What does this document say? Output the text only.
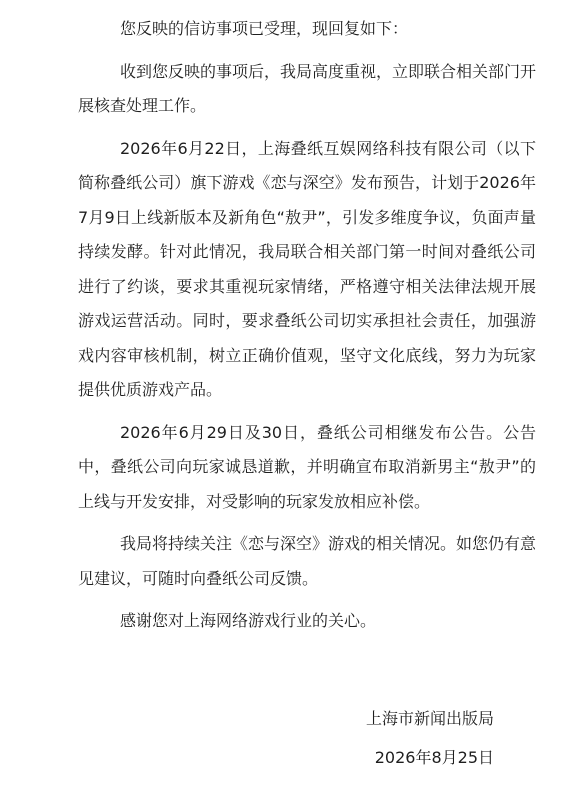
您反映的信访事项已受理，现回复如下：

收到您反映的事项后，我局高度重视，立即联合相关部门开展核查处理工作。

2026年6月22日，上海叠纸互娱网络科技有限公司（以下简称叠纸公司）旗下游戏《恋与深空》发布预告，计划于2026年7月9日上线新版本及新角色“敖尹”，引发多维度争议，负面声量持续发酵。针对此情况，我局联合相关部门第一时间对叠纸公司进行了约谈，要求其重视玩家情绪，严格遵守相关法律法规开展游戏运营活动。同时，要求叠纸公司切实承担社会责任，加强游戏内容审核机制，树立正确价值观，坚守文化底线，努力为玩家提供优质游戏产品。

2026年6月29日及30日，叠纸公司相继发布公告。公告中，叠纸公司向玩家诚恳道歉，并明确宣布取消新男主“敖尹”的上线与开发安排，对受影响的玩家发放相应补偿。

我局将持续关注《恋与深空》游戏的相关情况。如您仍有意见建议，可随时向叠纸公司反馈。

感谢您对上海网络游戏行业的关心。

上海市新闻出版局
2026年8月25日
